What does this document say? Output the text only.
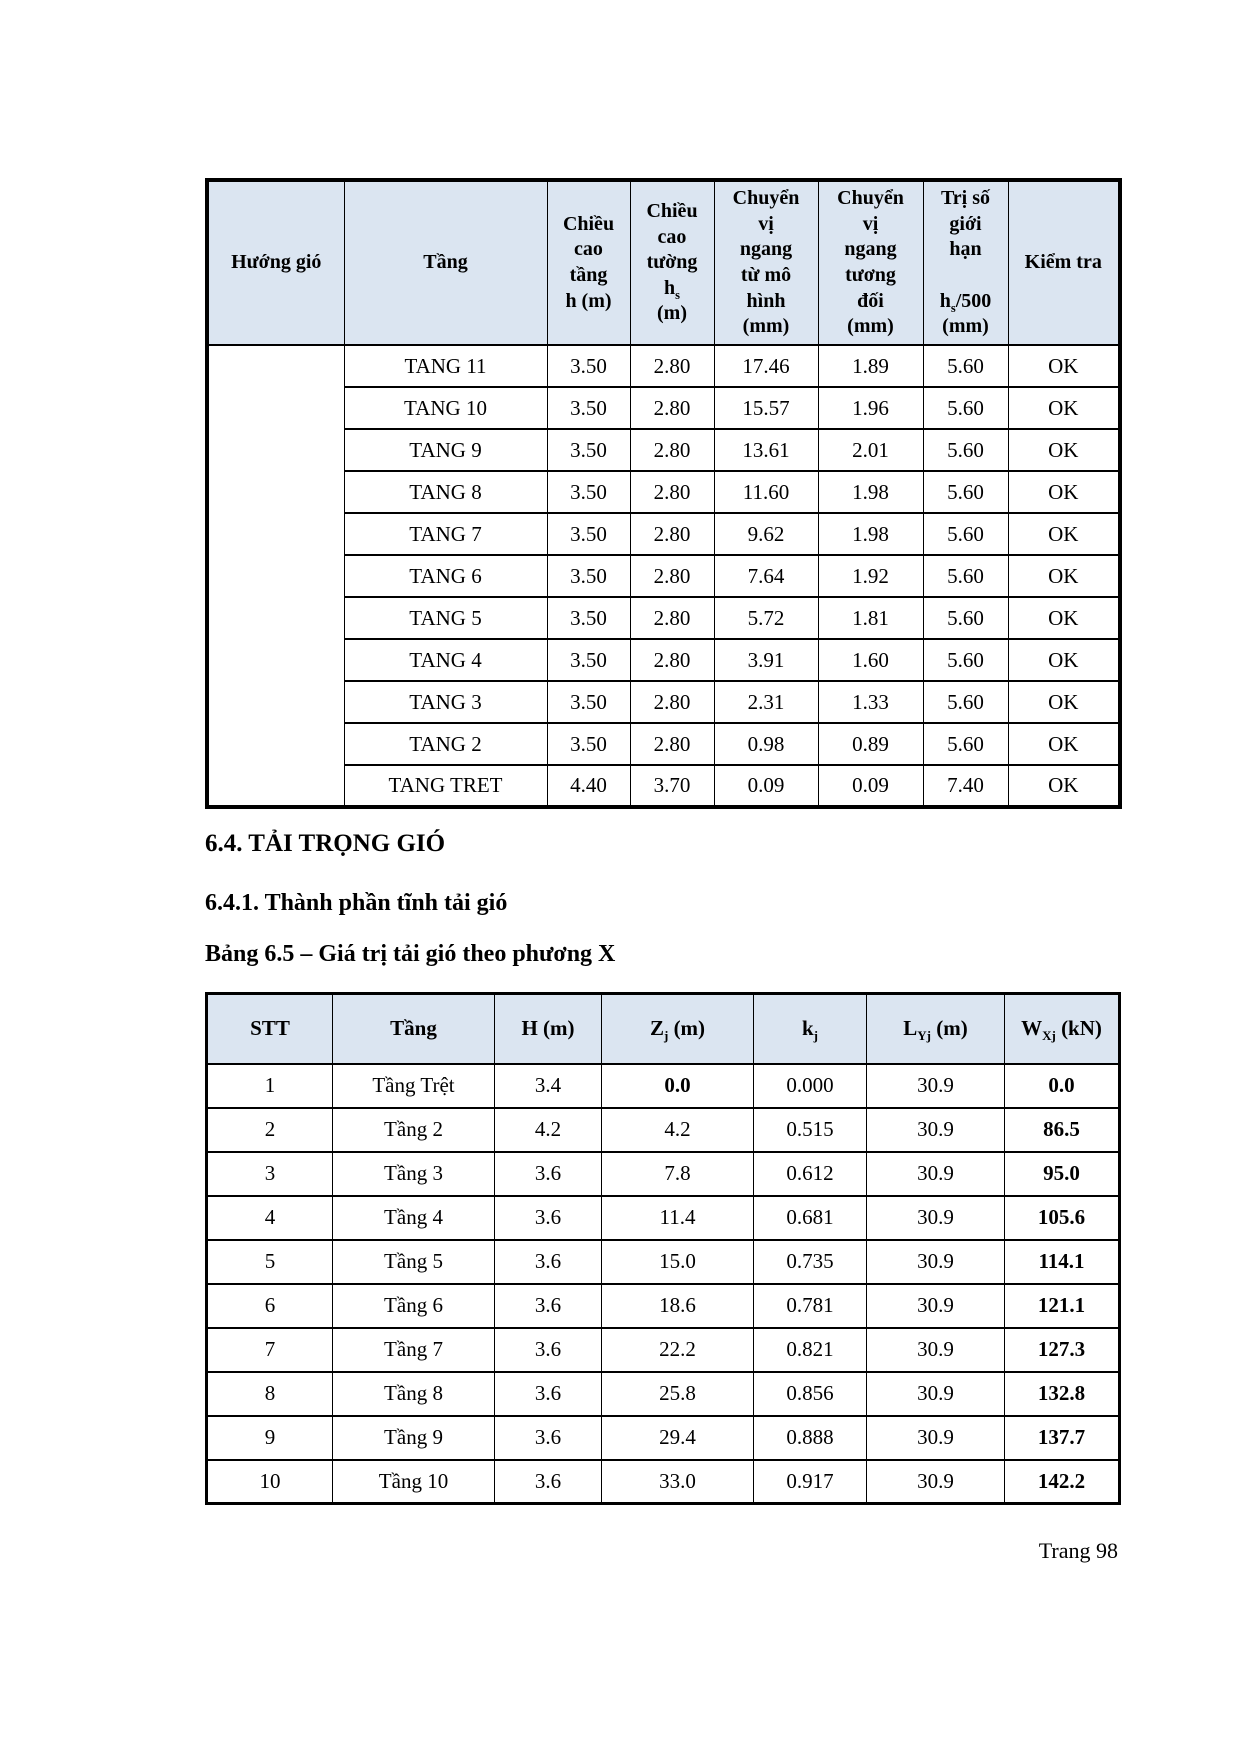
Hướng gió	Tầng	Chiều
cao
tầng
h (m)	Chiều
cao
tường
$h_s$
(m)	Chuyển
vị
ngang
từ mô
hình
(mm)	Chuyển
vị
ngang
tương
đối
(mm)	Trị số
giới
hạn

$h_s/500$
(mm)	Kiểm tra
	TANG 11	3.50	2.80	17.46	1.89	5.60	OK
	TANG 10	3.50	2.80	15.57	1.96	5.60	OK
	TANG 9	3.50	2.80	13.61	2.01	5.60	OK
	TANG 8	3.50	2.80	11.60	1.98	5.60	OK
	TANG 7	3.50	2.80	9.62	1.98	5.60	OK
	TANG 6	3.50	2.80	7.64	1.92	5.60	OK
	TANG 5	3.50	2.80	5.72	1.81	5.60	OK
	TANG 4	3.50	2.80	3.91	1.60	5.60	OK
	TANG 3	3.50	2.80	2.31	1.33	5.60	OK
	TANG 2	3.50	2.80	0.98	0.89	5.60	OK
	TANG TRET	4.40	3.70	0.09	0.09	7.40	OK
6.4. TẢI TRỌNG GIÓ
6.4.1. Thành phần tĩnh tải gió

Bảng 6.5 – Giá trị tải gió theo phương X

STT	Tầng	H (m)	$Z_j$ (m)	$k_j$	$L_{Yj}$ (m)	$W_{Xj}$ (kN)
1	Tầng Trệt	3.4	0.0	0.000	30.9	0.0
2	Tầng 2	4.2	4.2	0.515	30.9	86.5
3	Tầng 3	3.6	7.8	0.612	30.9	95.0
4	Tầng 4	3.6	11.4	0.681	30.9	105.6
5	Tầng 5	3.6	15.0	0.735	30.9	114.1
6	Tầng 6	3.6	18.6	0.781	30.9	121.1
7	Tầng 7	3.6	22.2	0.821	30.9	127.3
8	Tầng 8	3.6	25.8	0.856	30.9	132.8
9	Tầng 9	3.6	29.4	0.888	30.9	137.7
10	Tầng 10	3.6	33.0	0.917	30.9	142.2
Trang 98
